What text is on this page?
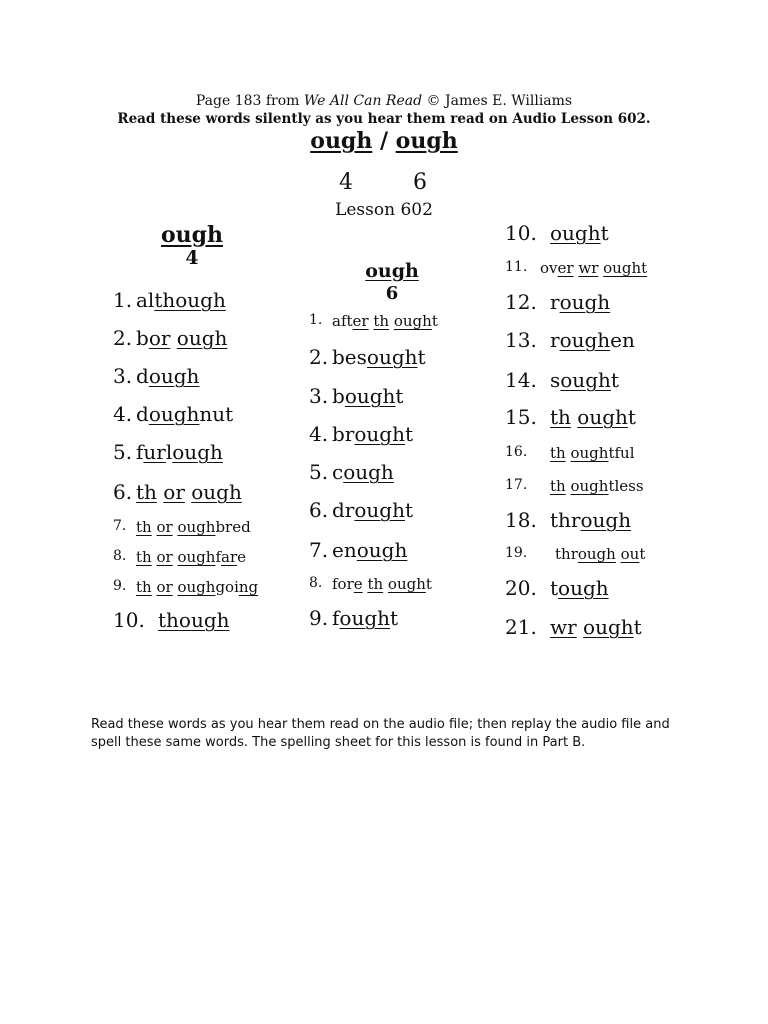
Page 183 from We All Can Read © James E. Williams
Read these words silently as you hear them read on Audio Lesson 602.
ough / ough
4	6
Lesson 602
ough
4
ough
6
1. although
2. bor ough
3. dough
4. doughnut
5. furlough
6. th or ough
7. th or oughbred
8. th or oughfare
9. th or oughgoing
10. though
1. after th ought
2. besought
3. bought
4. brought
5. cough
6. drought
7. enough
8. fore th ought
9. fought
10. ought
11. over wr ought
12. rough
13. roughen
14. sought
15. th ought
16. th oughtful
17. th oughtless
18. through
19. through out
20. tough
21. wr ought
Read these words as you hear them read on the audio file; then replay the audio file and spell these same words. The spelling sheet for this lesson is found in Part B.
